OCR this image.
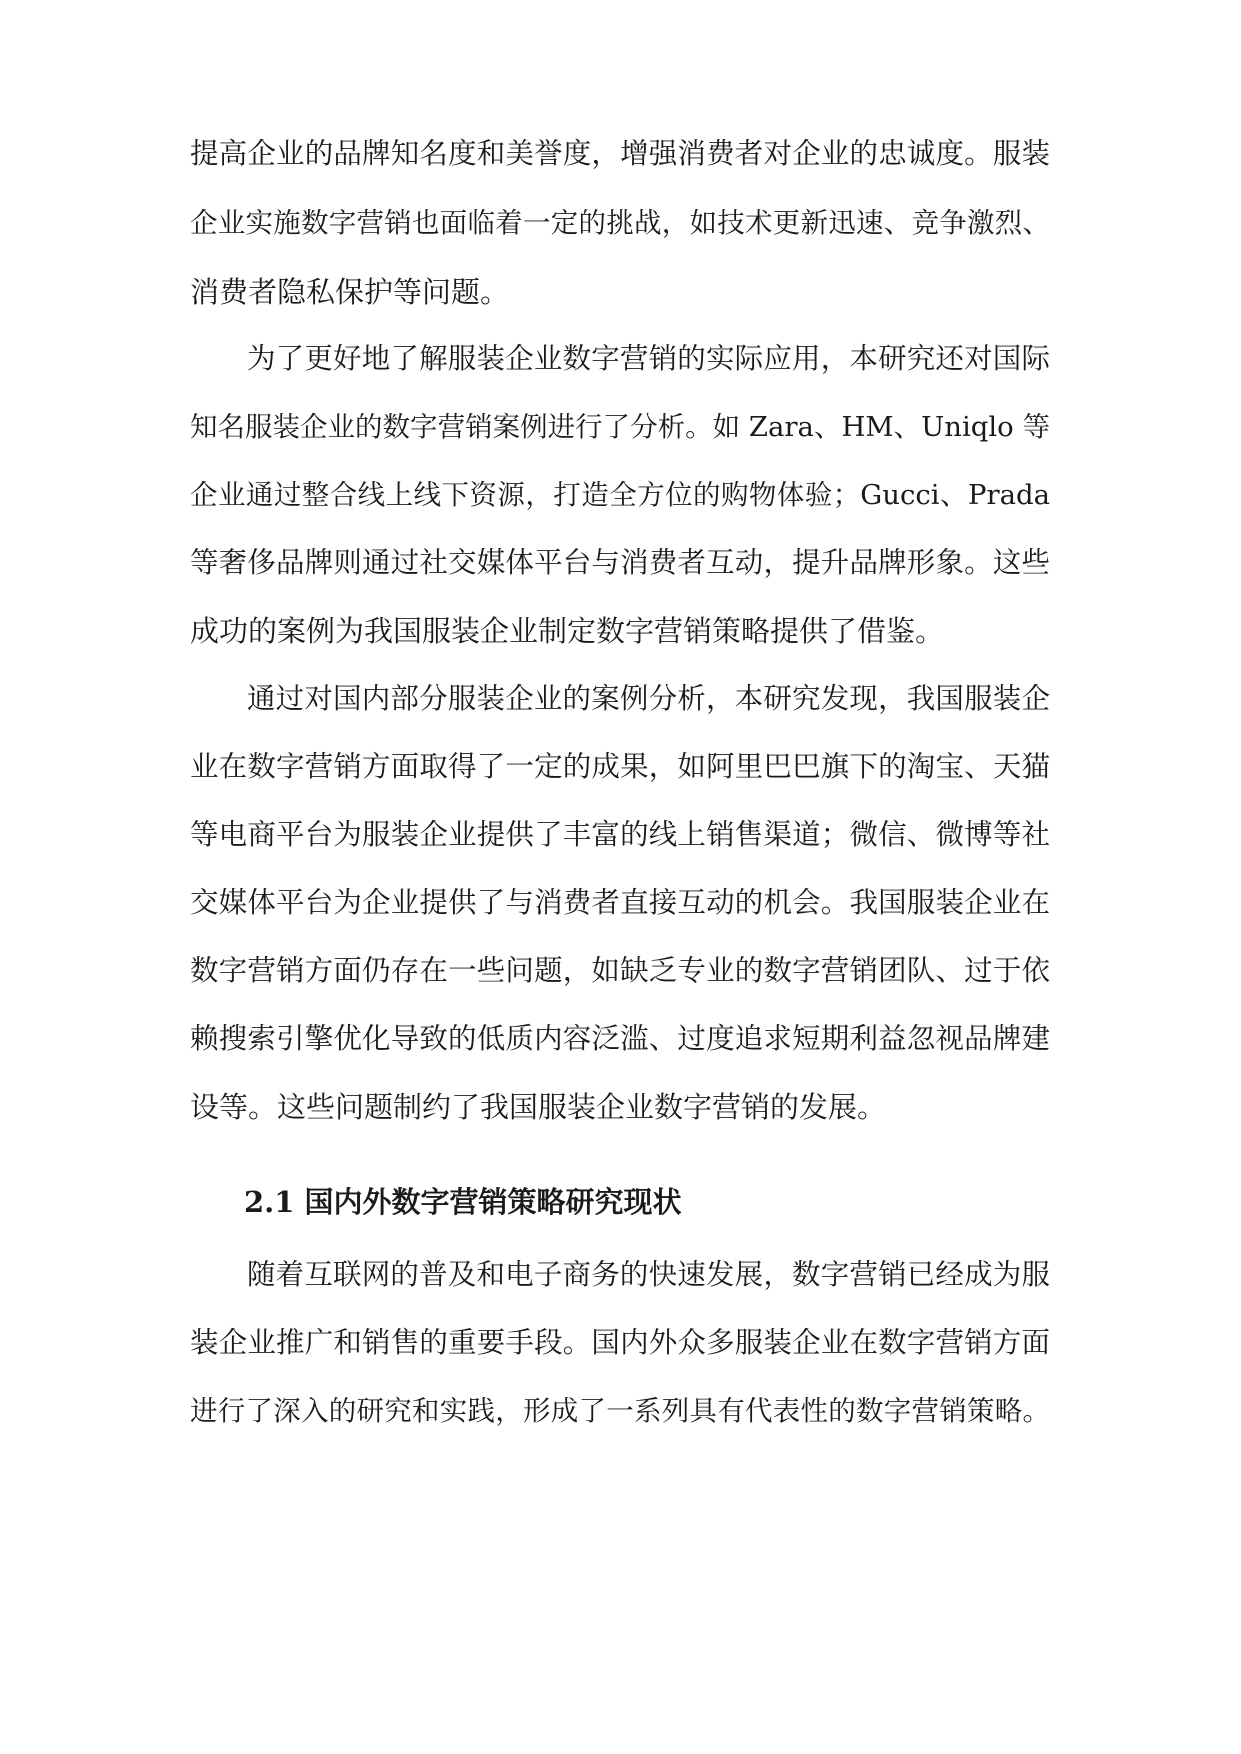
提高企业的品牌知名度和美誉度，增强消费者对企业的忠诚度。服装
企业实施数字营销也面临着一定的挑战，如技术更新迅速、竞争激烈、
消费者隐私保护等问题。
为了更好地了解服装企业数字营销的实际应用，本研究还对国际
知名服装企业的数字营销案例进行了分析。如 Zara、HM、Uniqlo 等
企业通过整合线上线下资源，打造全方位的购物体验；Gucci、Prada
等奢侈品牌则通过社交媒体平台与消费者互动，提升品牌形象。这些
成功的案例为我国服装企业制定数字营销策略提供了借鉴。
通过对国内部分服装企业的案例分析，本研究发现，我国服装企
业在数字营销方面取得了一定的成果，如阿里巴巴旗下的淘宝、天猫
等电商平台为服装企业提供了丰富的线上销售渠道；微信、微博等社
交媒体平台为企业提供了与消费者直接互动的机会。我国服装企业在
数字营销方面仍存在一些问题，如缺乏专业的数字营销团队、过于依
赖搜索引擎优化导致的低质内容泛滥、过度追求短期利益忽视品牌建
设等。这些问题制约了我国服装企业数字营销的发展。
2.1 国内外数字营销策略研究现状
随着互联网的普及和电子商务的快速发展，数字营销已经成为服
装企业推广和销售的重要手段。国内外众多服装企业在数字营销方面
进行了深入的研究和实践，形成了一系列具有代表性的数字营销策略。
